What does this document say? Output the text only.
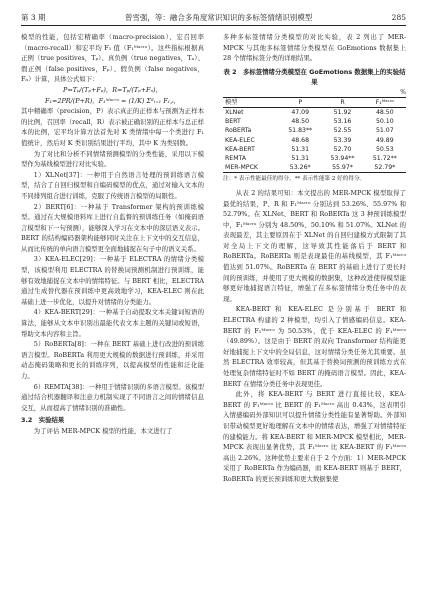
第 3 期	曾雪强，等：融合多角度常识知识的多标签情绪识别模型	285

模型的性能，包括宏精确率（macro-precision）、宏召回率（macro-recall）和宏平均 F₁ 值（F₁ᴹᵃᶜʳᵒ）。这些指标根据真正例（true positives，Tₚ）、真负例（true negatives，Tₙ）、假正例（false positives，Fₚ）、假负例（false negatives，Fₙ）计算，具体公式如下：

P=Tₚ/(Tₚ+Fₚ)，R=Tₚ/(Tₚ+Fₙ)，

F₁=2PR/(P+R)，F₁ᴹᵃᶜʳᵒ = (1/K) Σᴷᵢ₌₁ F₁,ᵢ，

其中精确率（precision，P）表示真正的正样本与预测为正样本的比例，召回率（recall，R）表示被正确识别的正样本与总正样本的比例，宏平均计算方法首先对 K 类情绪中每一个类进行 F₁ 值统计，然后对 K 类识别结果进行平均，其中 K 为类别数。

为了对比和分析不同情绪预测模型的分类性能，采用以下模型作为基线模型进行对比实验。

1）XLNet[37]：一种用于自然语言处理的预训练语言模型，结合了自回归模型和自编码模型的优点，通过对输入文本的不同排列组合进行训练，克服了传统语言模型的局限性。

2）BERT[6]：一种基于 Transformer 架构的预训练模型。通过在大规模语料库上进行自监督的预训练任务（如掩码语言模型和下一句预测），能够深入学习在文本中的深层语义表示。BERT 的结构编码器架构能够同时关注在上下文中的交互信息，从而比传统的单向语言模型更全面地捕捉在句子中的语义关系。

3）KEA-ELEC[29]：一种基于 ELECTRA 的情绪分类模型，该模型利用 ELECTRA 的替换词预测机制进行预训练，能够有效地捕捉在文本中的情绪特征。与 BERT 相比，ELECTRA 通过生成替代器在预训练中更高效地学习，KEA-ELEC 则在此基础上进一步优化，以提升对情绪的分类能力。

4）KEA-BERT[29]：一种基于自动提取文本关键词短语的算法，能够从文本中识别出最能代表文本主题的关键词或短语，帮助文本内容和主旨。

5）RoBERTa[8]：一种在 BERT 基础上进行改进的预训练语言模型。RoBERTa 利用更大规模的数据进行预训练，并采用动态掩码策略和更长的训练序列，以提高模型的性能和泛化能力。

6）REMTA[38]：一种用于情绪识别的多语言模型。该模型通过结合机器翻译和注意力机制实现了不同语言之间的情绪信息交互，从而提高了情绪识别的准确性。

3.2　实验结果

为了评估 MER-MPCK 模型的性能，本文进行了

多种多标签情绪分类模型的对比实验，表 2 列出了 MER-MPCK 与其他多标签情绪分类模型在 GoEmotions 数据集上 28 个情绪标签分类的详细结果。

表 2　多标签情绪分类模型在 GoEmotions 数据集上的实验结果
%
模型	P	R	F₁ᴹᵃᶜʳᵒ
XLNet	47.09	51.92	48.50
BERT	48.50	53.16	50.10
RoBERTa	51.83**	52.55	51.07
KEA-ELEC	48.68	53.39	49.89
KEA-BERT	51.31	52.70	50.53
REMTA	51.31	53.94**	51.72**
MER-MPCK	53.26*	55.97*	52.79*

注：* 表示性能最佳的得分，** 表示性能第 2 好的得分。

从表 2 的结果可知：本文提出的 MER-MPCK 模型取得了最优的结果，P、R 和 F₁ᴹᵃᶜʳᵒ 分别达到 53.26%、55.97% 和 52.79%。在 XLNet、BERT 和 RoBERTa 这 3 种预训练模型中，F₁ᴹᵃᶜʳᵒ 分别为 48.50%、50.10% 和 51.07%。XLNet 的表现最差，其主要原因在于 XLNet 的自回归建模方式限制了其对全局上下文的理解，这导致其性能落后于 BERT 和 RoBERTa。RoBERTa 则是表现最佳的基线模型，其 F₁ᴹᵃᶜʳᵒ 值达到 51.07%。RoBERTa 在 BERT 的基础上进行了更长时间的预训练，并使用了更大规模的数据集，这种改进使得模型能够更好地捕捉语言特征，增强了在多标签情绪分类任务中的表现。

KEA-BERT 和 KEA-ELEC 是分别基于 BERT 和 ELECTRA 构建的 2 种模型，均引入了情感编码信息。KEA-BERT 的 F₁ᴹᵃᶜʳᵒ 为 50.53%，优于 KEA-ELEC 的 F₁ᴹᵃᶜʳᵒ（49.89%）。这是由于 BERT 的双向 Transformer 结构能更好地捕捉上下文中的全局信息，这对情绪分类任务尤其重要。虽然 ELECTRA 效率较高，但其基于替换词预测的预训练方式在处理复杂情绪特征时不如 BERT 的掩码语言模型。因此，KEA-BERT 在情绪分类任务中表现更佳。

此外，将 KEA-BERT 与 BERT 进行直接比较，KEA-BERT 的 F₁ᴹᵃᶜʳᵒ 比 BERT 的 F₁ᴹᵃᶜʳᵒ 高出 0.43%，这表明引入情感编码外部知识可以提升情绪分类性能有显著帮助。外部知识带动模型更好地理解在文本中的情绪表达，增强了对情绪特征的建模能力。将 KEA-BERT 和 MER-MPCK 模型相比，MER-MPCK 表现出显著优势，其 F₁ᴹᵃᶜʳᵒ 比 KEA-BERT 的 F₁ᴹᵃᶜʳᵒ 高出 2.26%。这种优势主要来自于 2 个方面：1）MER-MPCK 采用了 RoBERTa 作为编码器，而 KEA-BERT 则基于 BERT，RoBERTa 的更长预训练和更大数据集使
